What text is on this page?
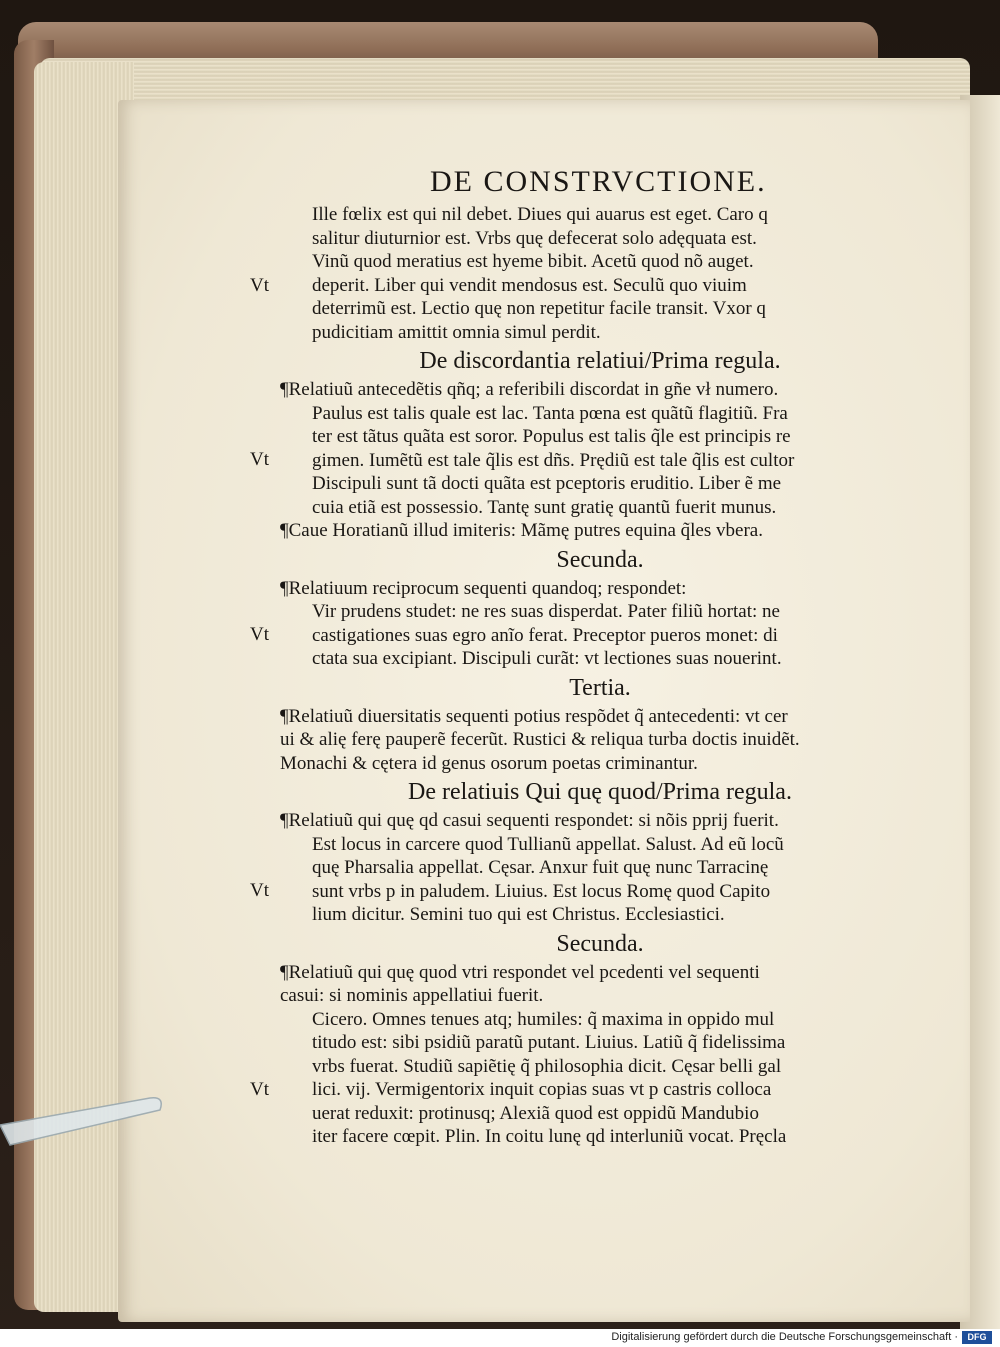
DE CONSTRVCTIONE.
Vt
Ille fœlix est qui nil debet. Diues qui auarus est eget. Caro q
salitur diuturnior est. Vrbs quę defecerat solo adęquata est.
Vinũ quod meratius est hyeme bibit. Acetũ quod nõ auget.
deperit. Liber qui vendit mendosus est. Seculũ quo viuim
deterrimũ est. Lectio quę non repetitur facile transit. Vxor q
pudicitiam amittit omnia simul perdit.
De discordantia relatiui/Prima regula.
¶Relatiuũ antecedẽtis qñq; a referibili discordat in gñe vł numero.
Vt
Paulus est talis quale est lac. Tanta pœna est quãtũ flagitiũ. Fra
ter est tãtus quãta est soror. Populus est talis q̃le est principis re
gimen. Iumẽtũ est tale q̃lis est dñs. Prędiũ est tale q̃lis est cultor
Discipuli sunt tã docti quãta est pceptoris eruditio. Liber ẽ me
cuia etiã est possessio. Tantę sunt gratię quantũ fuerit munus.
¶Caue Horatianũ illud imiteris: Mãmę putres equina q̃les vbera.
Secunda.
¶Relatiuum reciprocum sequenti quandoq; respondet:
Vt
Vir prudens studet: ne res suas disperdat. Pater filiũ hortat: ne
castigationes suas egro anĩo ferat. Preceptor pueros monet: di
ctata sua excipiant. Discipuli curãt: vt lectiones suas nouerint.
Tertia.
¶Relatiuũ diuersitatis sequenti potius respõdet q̃ antecedenti: vt cer
ui & alię ferę pauperẽ fecerũt. Rustici & reliqua turba doctis inuidẽt.
Monachi & cętera id genus osorum poetas criminantur.
De relatiuis Qui quę quod/Prima regula.
¶Relatiuũ qui quę qd casui sequenti respondet: si nõis pprij fuerit.
Vt
Est locus in carcere quod Tullianũ appellat. Salust. Ad eũ locũ
quę Pharsalia appellat. Cęsar. Anxur fuit quę nunc Tarracinę
sunt vrbs p in paludem. Liuius. Est locus Romę quod Capito
lium dicitur. Semini tuo qui est Christus. Ecclesiastici.
Secunda.
¶Relatiuũ qui quę quod vtri respondet vel pcedenti vel sequenti
casui: si nominis appellatiui fuerit.
Vt
Cicero. Omnes tenues atq; humiles: q̃ maxima in oppido mul
titudo est: sibi psidiũ paratũ putant. Liuius. Latiũ q̃ fidelissima
vrbs fuerat. Studiũ sapiẽtię q̃ philosophia dicit. Cęsar belli gal
lici. vij. Vermigentorix inquit copias suas vt p castris colloca
uerat reduxit: protinusq; Alexiã quod est oppidũ Mandubio
iter facere cœpit. Plin. In coitu lunę qd interluniũ vocat. Pręcla
Digitalisierung gefördert durch die Deutsche Forschungsgemeinschaft ·	DFG
